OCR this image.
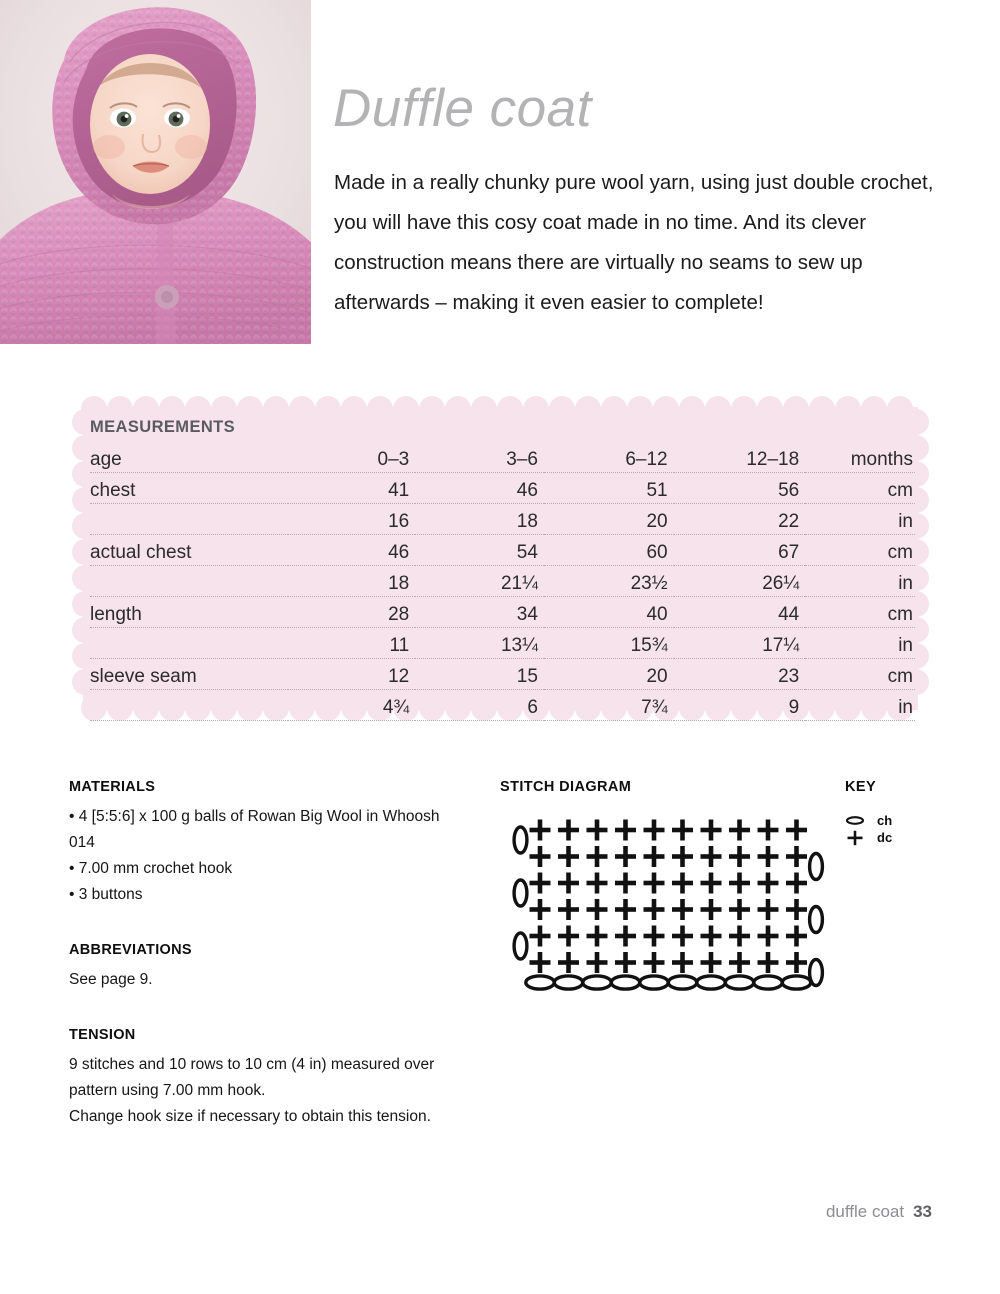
Duffle coat
Made in a really chunky pure wool yarn, using just double crochet, you will have this cosy coat made in no time. And its clever construction means there are virtually no seams to sew up afterwards – making it even easier to complete!
MEASUREMENTS
age	0–3	3–6	6–12	12–18	months
chest	41	46	51	56	cm
	16	18	20	22	in
actual chest	46	54	60	67	cm
	18	21¼	23½	26¼	in
length	28	34	40	44	cm
	11	13¼	15¾	17¼	in
sleeve seam	12	15	20	23	cm
	4¾	6	7¾	9	in

MATERIALS

• 4 [5:5:6] x 100 g balls of Rowan Big Wool in Whoosh 014

• 7.00 mm crochet hook

• 3 buttons

ABBREVIATIONS

See page 9.

TENSION

9 stitches and 10 rows to 10 cm (4 in) measured over

pattern using 7.00 mm hook.

Change hook size if necessary to obtain this tension.

STITCH DIAGRAM	KEY

ch
dc
duffle coat 33
